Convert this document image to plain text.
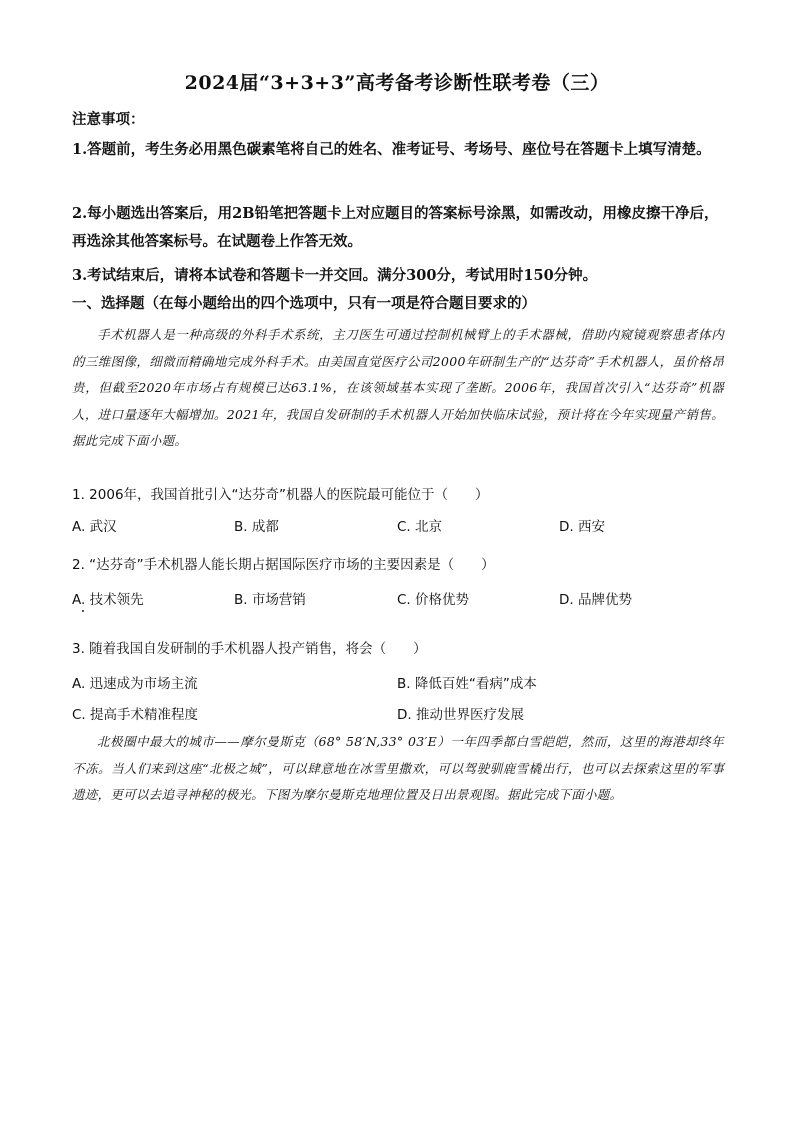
2024届“3+3+3”高考备考诊断性联考卷（三）
注意事项：
1.答题前，考生务必用黑色碳素笔将自己的姓名、准考证号、考场号、座位号在答题卡上填写清楚。
2.每小题选出答案后，用2B铅笔把答题卡上对应题目的答案标号涂黑，如需改动，用橡皮擦干净后，再选涂其他答案标号。在试题卷上作答无效。
3.考试结束后，请将本试卷和答题卡一并交回。满分300分，考试用时150分钟。
一、选择题（在每小题给出的四个选项中，只有一项是符合题目要求的）
手术机器人是一种高级的外科手术系统，主刀医生可通过控制机械臂上的手术器械，借助内窥镜观察患者体内的三维图像，细微而精确地完成外科手术。由美国直觉医疗公司2000年研制生产的“达芬奇”手术机器人，虽价格昂贵，但截至2020年市场占有规模已达63.1%，在该领域基本实现了垄断。2006年，我国首次引入“达芬奇”机器人，进口量逐年大幅增加。2021年，我国自发研制的手术机器人开始加快临床试验，预计将在今年实现量产销售。据此完成下面小题。
1. 2006年，我国首批引入“达芬奇”机器人的医院最可能位于（　　）
A. 武汉	B. 成都	C. 北京	D. 西安
2. “达芬奇”手术机器人能长期占据国际医疗市场的主要因素是（　　）
A. 技术领先	B. 市场营销	C. 价格优势	D. 品牌优势
3. 随着我国自发研制的手术机器人投产销售，将会（　　）
A. 迅速成为市场主流	B. 降低百姓“看病”成本
C. 提高手术精准程度	D. 推动世界医疗发展
北极圈中最大的城市——摩尔曼斯克（68° 58′N,33° 03′E）一年四季都白雪皑皑，然而，这里的海港却终年不冻。当人们来到这座“北极之城”，可以肆意地在冰雪里撒欢，可以驾驶驯鹿雪橇出行，也可以去探索这里的军事遗迹，更可以去追寻神秘的极光。下图为摩尔曼斯克地理位置及日出景观图。据此完成下面小题。
